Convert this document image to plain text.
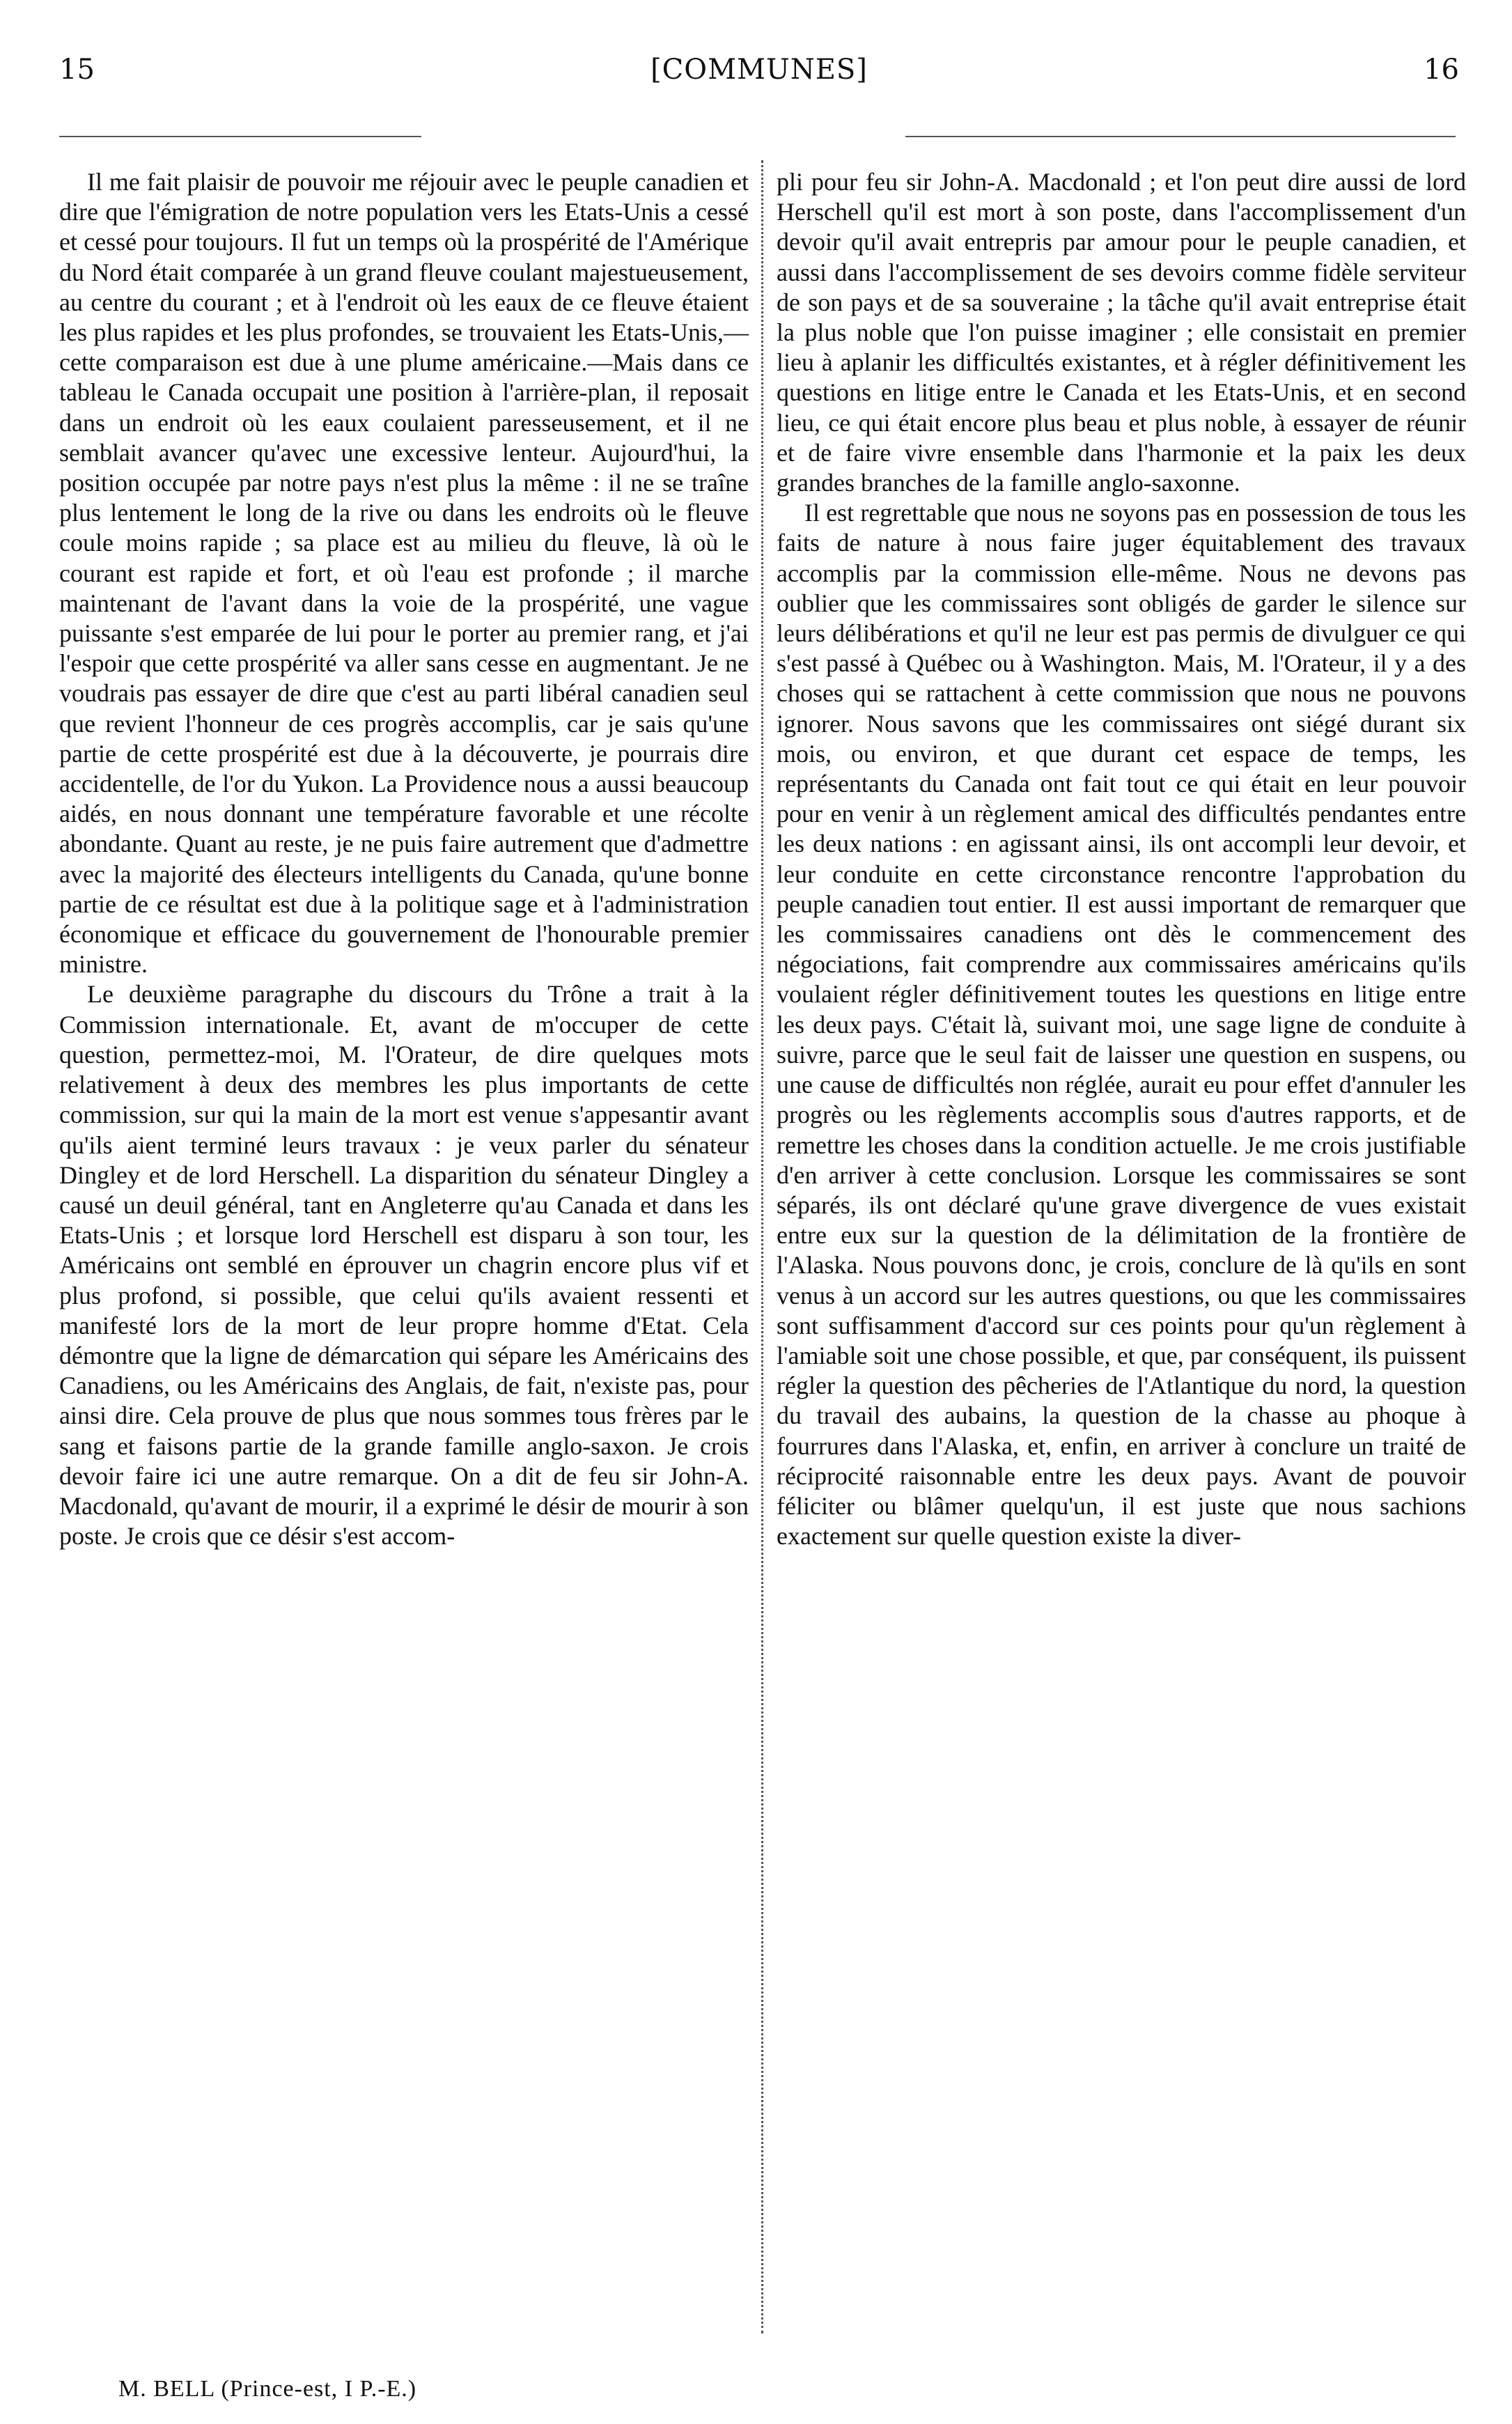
15	[COMMUNES]	16

Il me fait plaisir de pouvoir me réjouir avec le peuple canadien et dire que l'émigration de notre population vers les Etats-Unis a cessé et cessé pour toujours. Il fut un temps où la prospérité de l'Amérique du Nord était comparée à un grand fleuve coulant majestueusement, au centre du courant ; et à l'endroit où les eaux de ce fleuve étaient les plus rapides et les plus profondes, se trouvaient les Etats-Unis,—cette comparaison est due à une plume américaine.—Mais dans ce tableau le Canada occupait une position à l'arrière-plan, il reposait dans un endroit où les eaux coulaient paresseusement, et il ne semblait avancer qu'avec une excessive lenteur. Aujourd'hui, la position occupée par notre pays n'est plus la même : il ne se traîne plus lentement le long de la rive ou dans les endroits où le fleuve coule moins rapide ; sa place est au milieu du fleuve, là où le courant est rapide et fort, et où l'eau est profonde ; il marche maintenant de l'avant dans la voie de la prospérité, une vague puissante s'est emparée de lui pour le porter au premier rang, et j'ai l'espoir que cette prospérité va aller sans cesse en augmentant. Je ne voudrais pas essayer de dire que c'est au parti libéral canadien seul que revient l'honneur de ces progrès accomplis, car je sais qu'une partie de cette prospérité est due à la découverte, je pourrais dire accidentelle, de l'or du Yukon. La Providence nous a aussi beaucoup aidés, en nous donnant une température favorable et une récolte abondante. Quant au reste, je ne puis faire autrement que d'admettre avec la majorité des électeurs intelligents du Canada, qu'une bonne partie de ce résultat est due à la politique sage et à l'administration économique et efficace du gouvernement de l'honourable premier ministre.

Le deuxième paragraphe du discours du Trône a trait à la Commission internationale. Et, avant de m'occuper de cette question, permettez-moi, M. l'Orateur, de dire quelques mots relativement à deux des membres les plus importants de cette commission, sur qui la main de la mort est venue s'appesantir avant qu'ils aient terminé leurs travaux : je veux parler du sénateur Dingley et de lord Herschell. La disparition du sénateur Dingley a causé un deuil général, tant en Angleterre qu'au Canada et dans les Etats-Unis ; et lorsque lord Herschell est disparu à son tour, les Américains ont semblé en éprouver un chagrin encore plus vif et plus profond, si possible, que celui qu'ils avaient ressenti et manifesté lors de la mort de leur propre homme d'Etat. Cela démontre que la ligne de démarcation qui sépare les Américains des Canadiens, ou les Américains des Anglais, de fait, n'existe pas, pour ainsi dire. Cela prouve de plus que nous sommes tous frères par le sang et faisons partie de la grande famille anglo-saxon. Je crois devoir faire ici une autre remarque. On a dit de feu sir John-A. Macdonald, qu'avant de mourir, il a exprimé le désir de mourir à son poste. Je crois que ce désir s'est accom-

pli pour feu sir John-A. Macdonald ; et l'on peut dire aussi de lord Herschell qu'il est mort à son poste, dans l'accomplissement d'un devoir qu'il avait entrepris par amour pour le peuple canadien, et aussi dans l'accomplissement de ses devoirs comme fidèle serviteur de son pays et de sa souveraine ; la tâche qu'il avait entreprise était la plus noble que l'on puisse imaginer ; elle consistait en premier lieu à aplanir les difficultés existantes, et à régler définitivement les questions en litige entre le Canada et les Etats-Unis, et en second lieu, ce qui était encore plus beau et plus noble, à essayer de réunir et de faire vivre ensemble dans l'harmonie et la paix les deux grandes branches de la famille anglo-saxonne.

Il est regrettable que nous ne soyons pas en possession de tous les faits de nature à nous faire juger équitablement des travaux accomplis par la commission elle-même. Nous ne devons pas oublier que les commissaires sont obligés de garder le silence sur leurs délibérations et qu'il ne leur est pas permis de divulguer ce qui s'est passé à Québec ou à Washington. Mais, M. l'Orateur, il y a des choses qui se rattachent à cette commission que nous ne pouvons ignorer. Nous savons que les commissaires ont siégé durant six mois, ou environ, et que durant cet espace de temps, les représentants du Canada ont fait tout ce qui était en leur pouvoir pour en venir à un règlement amical des difficultés pendantes entre les deux nations : en agissant ainsi, ils ont accompli leur devoir, et leur conduite en cette circonstance rencontre l'approbation du peuple canadien tout entier. Il est aussi important de remarquer que les commissaires canadiens ont dès le commencement des négociations, fait comprendre aux commissaires américains qu'ils voulaient régler définitivement toutes les questions en litige entre les deux pays. C'était là, suivant moi, une sage ligne de conduite à suivre, parce que le seul fait de laisser une question en suspens, ou une cause de difficultés non réglée, aurait eu pour effet d'annuler les progrès ou les règlements accomplis sous d'autres rapports, et de remettre les choses dans la condition actuelle. Je me crois justifiable d'en arriver à cette conclusion. Lorsque les commissaires se sont séparés, ils ont déclaré qu'une grave divergence de vues existait entre eux sur la question de la délimitation de la frontière de l'Alaska. Nous pouvons donc, je crois, conclure de là qu'ils en sont venus à un accord sur les autres questions, ou que les commissaires sont suffisamment d'accord sur ces points pour qu'un règlement à l'amiable soit une chose possible, et que, par conséquent, ils puissent régler la question des pêcheries de l'Atlantique du nord, la question du travail des aubains, la question de la chasse au phoque à fourrures dans l'Alaska, et, enfin, en arriver à conclure un traité de réciprocité raisonnable entre les deux pays. Avant de pouvoir féliciter ou blâmer quelqu'un, il est juste que nous sachions exactement sur quelle question existe la diver-

M. BELL (Prince-est, I P.-E.)
